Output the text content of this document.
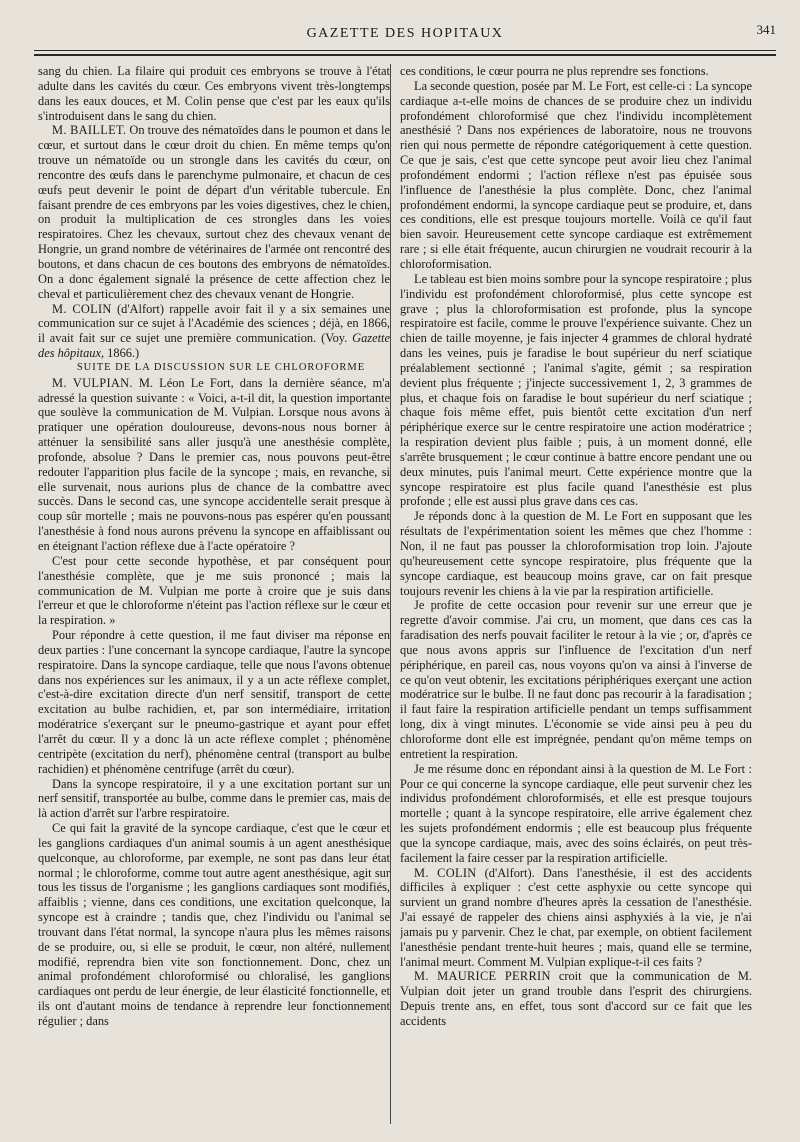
GAZETTE DES HOPITAUX	341

sang du chien. La filaire qui produit ces embryons se trouve à l'état adulte dans les cavités du cœur. Ces embryons vivent très-longtemps dans les eaux douces, et M. Colin pense que c'est par les eaux qu'ils s'introduisent dans le sang du chien.

M. BAILLET. On trouve des nématoïdes dans le poumon et dans le cœur, et surtout dans le cœur droit du chien. En même temps qu'on trouve un nématoïde ou un strongle dans les cavités du cœur, on rencontre des œufs dans le parenchyme pulmonaire, et chacun de ces œufs peut devenir le point de départ d'un véritable tubercule. En faisant prendre de ces embryons par les voies digestives, chez le chien, on produit la multiplication de ces strongles dans les voies respiratoires. Chez les chevaux, surtout chez des chevaux venant de Hongrie, un grand nombre de vétérinaires de l'armée ont rencontré des boutons, et dans chacun de ces boutons des embryons de nématoïdes. On a donc également signalé la présence de cette affection chez le cheval et particulièrement chez des chevaux venant de Hongrie.

M. COLIN (d'Alfort) rappelle avoir fait il y a six semaines une communication sur ce sujet à l'Académie des sciences ; déjà, en 1866, il avait fait sur ce sujet une première communication. (Voy. Gazette des hôpitaux, 1866.)

SUITE DE LA DISCUSSION SUR LE CHLOROFORME

M. VULPIAN. M. Léon Le Fort, dans la dernière séance, m'a adressé la question suivante : « Voici, a-t-il dit, la question importante que soulève la communication de M. Vulpian. Lorsque nous avons à pratiquer une opération douloureuse, devons-nous nous borner à atténuer la sensibilité sans aller jusqu'à une anesthésie complète, profonde, absolue ? Dans le premier cas, nous pouvons peut-être redouter l'apparition plus facile de la syncope ; mais, en revanche, si elle survenait, nous aurions plus de chance de la combattre avec succès. Dans le second cas, une syncope accidentelle serait presque à coup sûr mortelle ; mais ne pouvons-nous pas espérer qu'en poussant l'anesthésie à fond nous aurons prévenu la syncope en affaiblissant ou en éteignant l'action réflexe due à l'acte opératoire ?

C'est pour cette seconde hypothèse, et par conséquent pour l'anesthésie complète, que je me suis prononcé ; mais la communication de M. Vulpian me porte à croire que je suis dans l'erreur et que le chloroforme n'éteint pas l'action réflexe sur le cœur et la respiration. »

Pour répondre à cette question, il me faut diviser ma réponse en deux parties : l'une concernant la syncope cardiaque, l'autre la syncope respiratoire. Dans la syncope cardiaque, telle que nous l'avons obtenue dans nos expériences sur les animaux, il y a un acte réflexe complet, c'est-à-dire excitation directe d'un nerf sensitif, transport de cette excitation au bulbe rachidien, et, par son intermédiaire, irritation modératrice s'exerçant sur le pneumo-gastrique et ayant pour effet l'arrêt du cœur. Il y a donc là un acte réflexe complet ; phénomène centripète (excitation du nerf), phénomène central (transport au bulbe rachidien) et phénomène centrifuge (arrêt du cœur).

Dans la syncope respiratoire, il y a une excitation portant sur un nerf sensitif, transportée au bulbe, comme dans le premier cas, mais de là action d'arrêt sur l'arbre respiratoire.

Ce qui fait la gravité de la syncope cardiaque, c'est que le cœur et les ganglions cardiaques d'un animal soumis à un agent anesthésique quelconque, au chloroforme, par exemple, ne sont pas dans leur état normal ; le chloroforme, comme tout autre agent anesthésique, agit sur tous les tissus de l'organisme ; les ganglions cardiaques sont modifiés, affaiblis ; vienne, dans ces conditions, une excitation quelconque, la syncope est à craindre ; tandis que, chez l'individu ou l'animal se trouvant dans l'état normal, la syncope n'aura plus les mêmes raisons de se produire, ou, si elle se produit, le cœur, non altéré, nullement modifié, reprendra bien vite son fonctionnement. Donc, chez un animal profondément chloroformisé ou chloralisé, les ganglions cardiaques ont perdu de leur énergie, de leur élasticité fonctionnelle, et ils ont d'autant moins de tendance à reprendre leur fonctionnement régulier ; dans

ces conditions, le cœur pourra ne plus reprendre ses fonctions.

La seconde question, posée par M. Le Fort, est celle-ci : La syncope cardiaque a-t-elle moins de chances de se produire chez un individu profondément chloroformisé que chez l'individu incomplètement anesthésié ? Dans nos expériences de laboratoire, nous ne trouvons rien qui nous permette de répondre catégoriquement à cette question. Ce que je sais, c'est que cette syncope peut avoir lieu chez l'animal profondément endormi ; l'action réflexe n'est pas épuisée sous l'influence de l'anesthésie la plus complète. Donc, chez l'animal profondément endormi, la syncope cardiaque peut se produire, et, dans ces conditions, elle est presque toujours mortelle. Voilà ce qu'il faut bien savoir. Heureusement cette syncope cardiaque est extrêmement rare ; si elle était fréquente, aucun chirurgien ne voudrait recourir à la chloroformisation.

Le tableau est bien moins sombre pour la syncope respiratoire ; plus l'individu est profondément chloroformisé, plus cette syncope est grave ; plus la chloroformisation est profonde, plus la syncope respiratoire est facile, comme le prouve l'expérience suivante. Chez un chien de taille moyenne, je fais injecter 4 grammes de chloral hydraté dans les veines, puis je faradise le bout supérieur du nerf sciatique préalablement sectionné ; l'animal s'agite, gémit ; sa respiration devient plus fréquente ; j'injecte successivement 1, 2, 3 grammes de plus, et chaque fois on faradise le bout supérieur du nerf sciatique ; chaque fois même effet, puis bientôt cette excitation d'un nerf périphérique exerce sur le centre respiratoire une action modératrice ; la respiration devient plus faible ; puis, à un moment donné, elle s'arrête brusquement ; le cœur continue à battre encore pendant une ou deux minutes, puis l'animal meurt. Cette expérience montre que la syncope respiratoire est plus facile quand l'anesthésie est plus profonde ; elle est aussi plus grave dans ces cas.

Je réponds donc à la question de M. Le Fort en supposant que les résultats de l'expérimentation soient les mêmes que chez l'homme : Non, il ne faut pas pousser la chloroformisation trop loin. J'ajoute qu'heureusement cette syncope respiratoire, plus fréquente que la syncope cardiaque, est beaucoup moins grave, car on fait presque toujours revenir les chiens à la vie par la respiration artificielle.

Je profite de cette occasion pour revenir sur une erreur que je regrette d'avoir commise. J'ai cru, un moment, que dans ces cas la faradisation des nerfs pouvait faciliter le retour à la vie ; or, d'après ce que nous avons appris sur l'influence de l'excitation d'un nerf périphérique, en pareil cas, nous voyons qu'on va ainsi à l'inverse de ce qu'on veut obtenir, les excitations périphériques exerçant une action modératrice sur le bulbe. Il ne faut donc pas recourir à la faradisation ; il faut faire la respiration artificielle pendant un temps suffisamment long, dix à vingt minutes. L'économie se vide ainsi peu à peu du chloroforme dont elle est imprégnée, pendant qu'on même temps on entretient la respiration.

Je me résume donc en répondant ainsi à la question de M. Le Fort : Pour ce qui concerne la syncope cardiaque, elle peut survenir chez les individus profondément chloroformisés, et elle est presque toujours mortelle ; quant à la syncope respiratoire, elle arrive également chez les sujets profondément endormis ; elle est beaucoup plus fréquente que la syncope cardiaque, mais, avec des soins éclairés, on peut très-facilement la faire cesser par la respiration artificielle.

M. COLIN (d'Alfort). Dans l'anesthésie, il est des accidents difficiles à expliquer : c'est cette asphyxie ou cette syncope qui survient un grand nombre d'heures après la cessation de l'anesthésie. J'ai essayé de rappeler des chiens ainsi asphyxiés à la vie, je n'ai jamais pu y parvenir. Chez le chat, par exemple, on obtient facilement l'anesthésie pendant trente-huit heures ; mais, quand elle se termine, l'animal meurt. Comment M. Vulpian explique-t-il ces faits ?

M. MAURICE PERRIN croit que la communication de M. Vulpian doit jeter un grand trouble dans l'esprit des chirurgiens. Depuis trente ans, en effet, tous sont d'accord sur ce fait que les accidents
